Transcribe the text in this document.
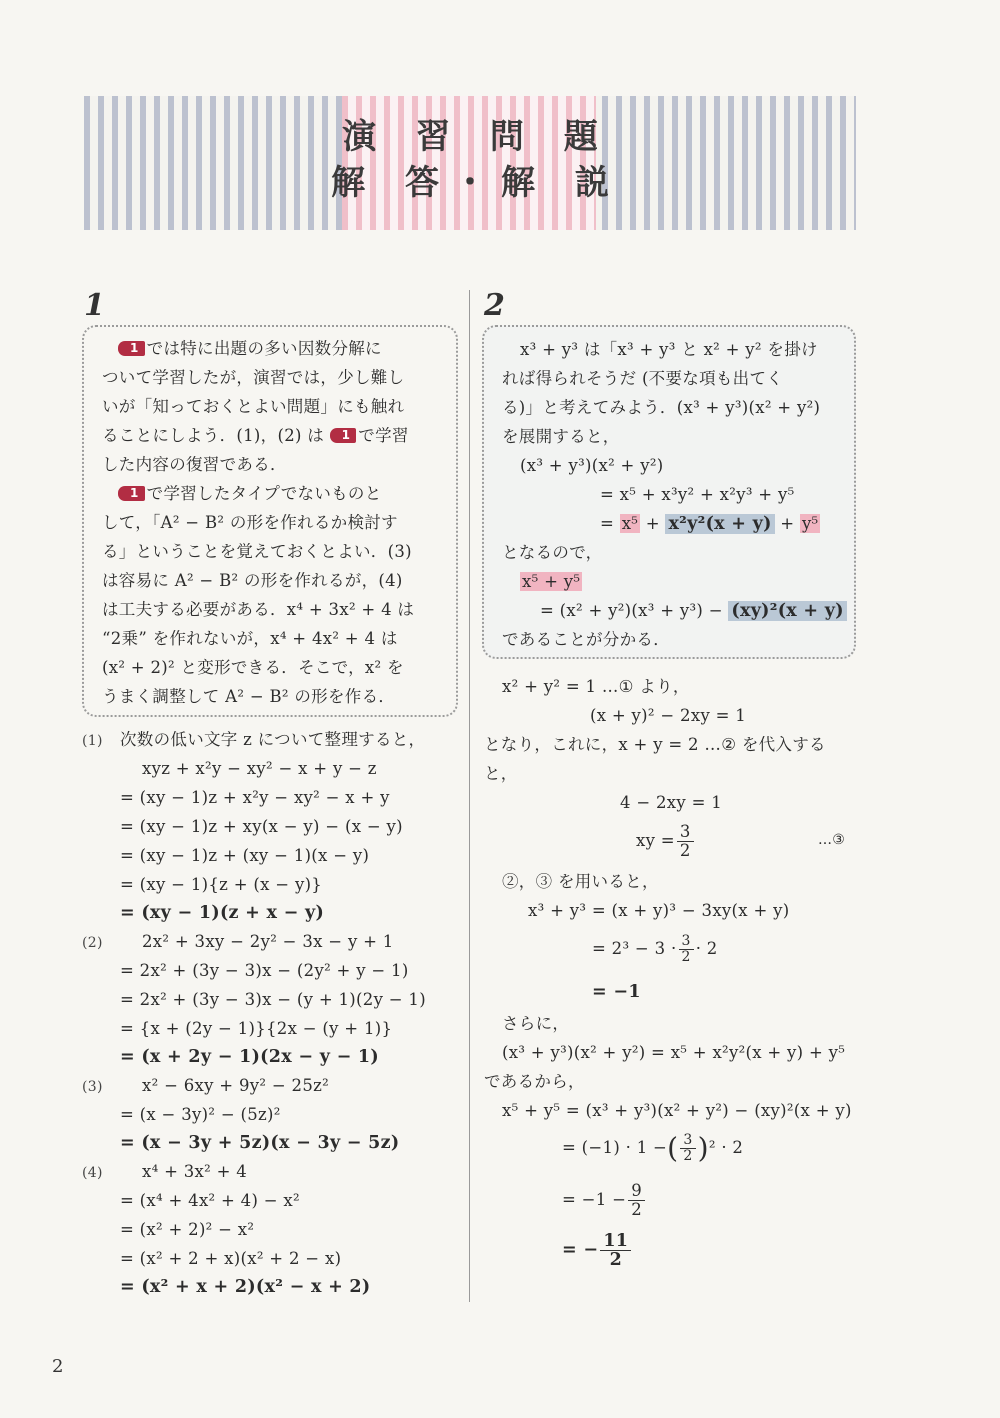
演 習 問 題
解 答・解 説
1
1 では特に出題の多い因数分解に
ついて学習したが，演習では，少し難し
いが「知っておくとよい問題」にも触れ
ることにしよう．(1)，(2) は 1 で学習
した内容の復習である．
1 で学習したタイプでないものと
して，「A² − B² の形を作れるか検討す
る」ということを覚えておくとよい．(3)
は容易に A² − B² の形を作れるが，(4)
は工夫する必要がある．x⁴ + 3x² + 4 は
“2乗” を作れないが，x⁴ + 4x² + 4 は
(x² + 2)² と変形できる．そこで，x² を
うまく調整して A² − B² の形を作る．
(1) 次数の低い文字 z について整理すると，
xyz + x²y − xy² − x + y − z
= (xy − 1)z + x²y − xy² − x + y
= (xy − 1)z + xy(x − y) − (x − y)
= (xy − 1)z + (xy − 1)(x − y)
= (xy − 1){z + (x − y)}
= (xy − 1)(z + x − y)
(2) 2x² + 3xy − 2y² − 3x − y + 1
= 2x² + (3y − 3)x − (2y² + y − 1)
= 2x² + (3y − 3)x − (y + 1)(2y − 1)
= {x + (2y − 1)}{2x − (y + 1)}
= (x + 2y − 1)(2x − y − 1)
(3) x² − 6xy + 9y² − 25z²
= (x − 3y)² − (5z)²
= (x − 3y + 5z)(x − 3y − 5z)
(4) x⁴ + 3x² + 4
= (x⁴ + 4x² + 4) − x²
= (x² + 2)² − x²
= (x² + 2 + x)(x² + 2 − x)
= (x² + x + 2)(x² − x + 2)
2
x³ + y³ は「x³ + y³ と x² + y² を掛け
れば得られそうだ (不要な項も出てく
る)」と考えてみよう．(x³ + y³)(x² + y²)
を展開すると，
(x³ + y³)(x² + y²)
= x⁵ + x³y² + x²y³ + y⁵
= x⁵ + x²y²(x + y) + y⁵
となるので，
x⁵ + y⁵
= (x² + y²)(x³ + y³) − (xy)²(x + y)
であることが分かる．
x² + y² = 1 …① より，
(x + y)² − 2xy = 1
となり，これに，x + y = 2 …② を代入する
と，
4 − 2xy = 1
xy = $\frac{3}{2}$	…③
②，③ を用いると，
x³ + y³ = (x + y)³ − 3xy(x + y)
= $2^3 - 3 \cdot \frac{3}{2} \cdot 2$
= −1
さらに，
(x³ + y³)(x² + y²) = x⁵ + x²y²(x + y) + y⁵
であるから，
x⁵ + y⁵ = (x³ + y³)(x² + y²) − (xy)²(x + y)
= (−1) · 1 −( $\frac{3}{2} )^2 \cdot 2$
= $-1 - \frac{9}{2}$
= − $\frac{11}{2}$
2
